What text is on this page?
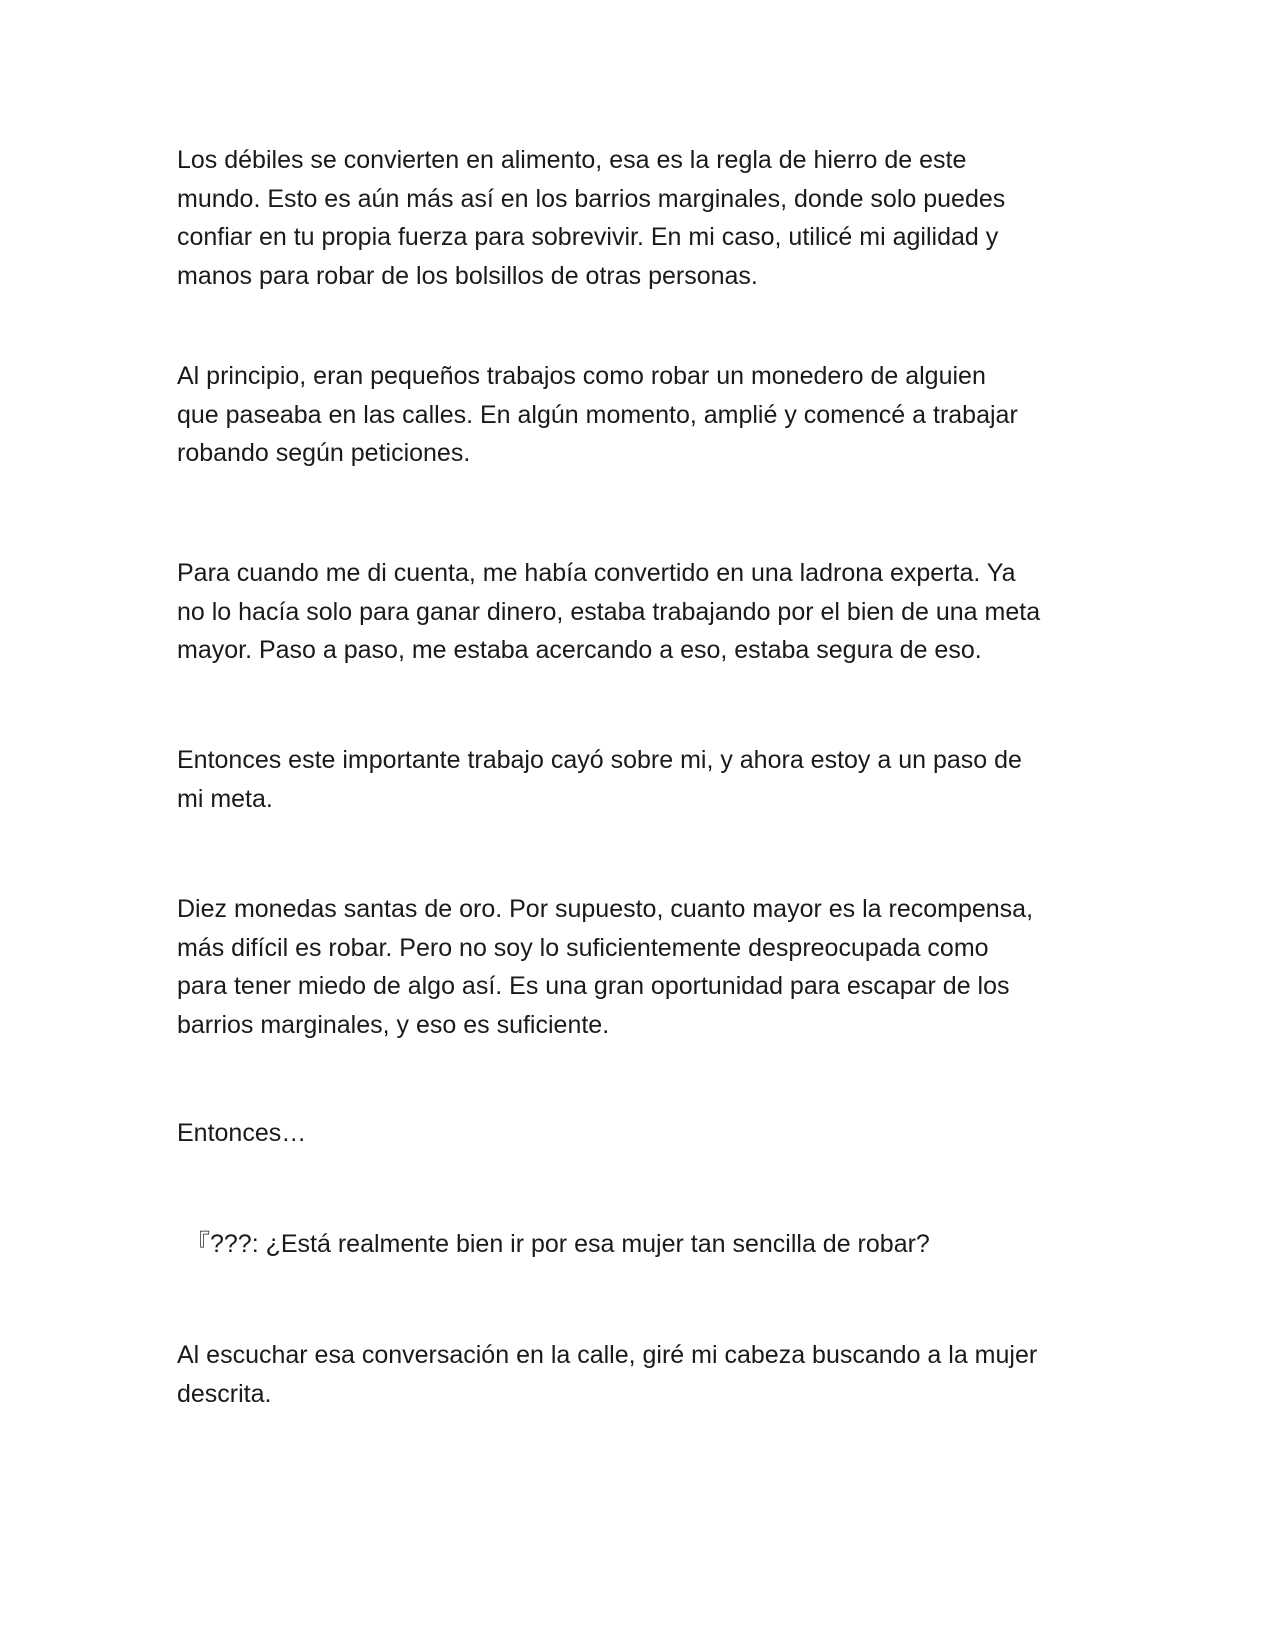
Los débiles se convierten en alimento, esa es la regla de hierro de este
mundo. Esto es aún más así en los barrios marginales, donde solo puedes
confiar en tu propia fuerza para sobrevivir. En mi caso, utilicé mi agilidad y
manos para robar de los bolsillos de otras personas.

Al principio, eran pequeños trabajos como robar un monedero de alguien
que paseaba en las calles. En algún momento, amplié y comencé a trabajar
robando según peticiones.

Para cuando me di cuenta, me había convertido en una ladrona experta. Ya
no lo hacía solo para ganar dinero, estaba trabajando por el bien de una meta
mayor. Paso a paso, me estaba acercando a eso, estaba segura de eso.

Entonces este importante trabajo cayó sobre mi, y ahora estoy a un paso de
mi meta.

Diez monedas santas de oro. Por supuesto, cuanto mayor es la recompensa,
más difícil es robar. Pero no soy lo suficientemente despreocupada como
para tener miedo de algo así. Es una gran oportunidad para escapar de los
barrios marginales, y eso es suficiente.

Entonces…

『???: ¿Está realmente bien ir por esa mujer tan sencilla de robar?

Al escuchar esa conversación en la calle, giré mi cabeza buscando a la mujer
descrita.
